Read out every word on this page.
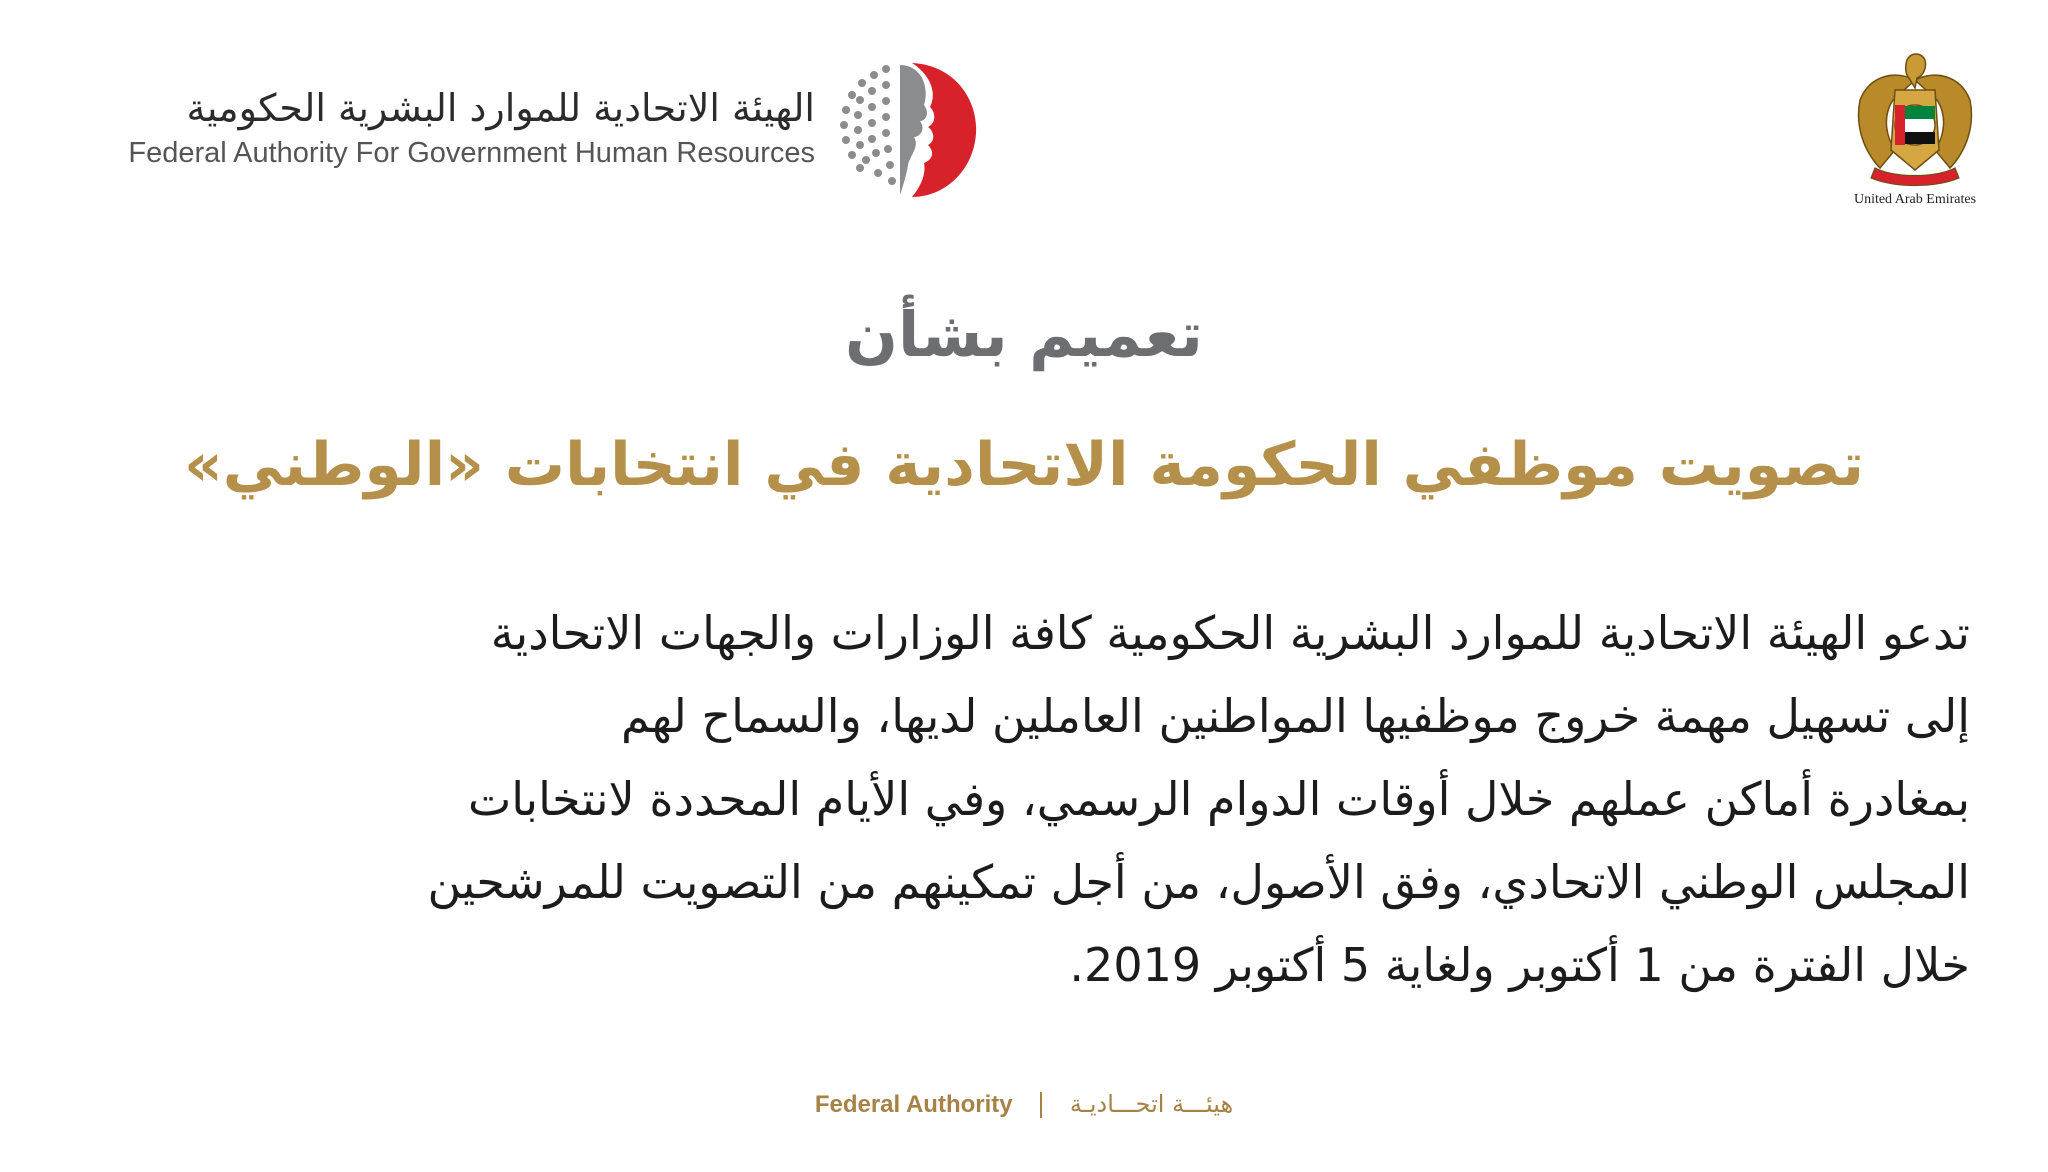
الهيئة الاتحادية للموارد البشرية الحكومية
Federal Authority For Government Human Resources
United Arab Emirates
تعميم بشأن
تصويت موظفي الحكومة الاتحادية في انتخابات «الوطني»
تدعو الهيئة الاتحادية للموارد البشرية الحكومية كافة الوزارات والجهات الاتحادية
إلى تسهيل مهمة خروج موظفيها المواطنين العاملين لديها، والسماح لهم
بمغادرة أماكن عملهم خلال أوقات الدوام الرسمي، وفي الأيام المحددة لانتخابات
المجلس الوطني الاتحادي، وفق الأصول، من أجل تمكينهم من التصويت للمرشحين
خلال الفترة من 1 أكتوبر ولغاية 5 أكتوبر 2019.
Federal Authority هيئـــة اتحـــاديـة
